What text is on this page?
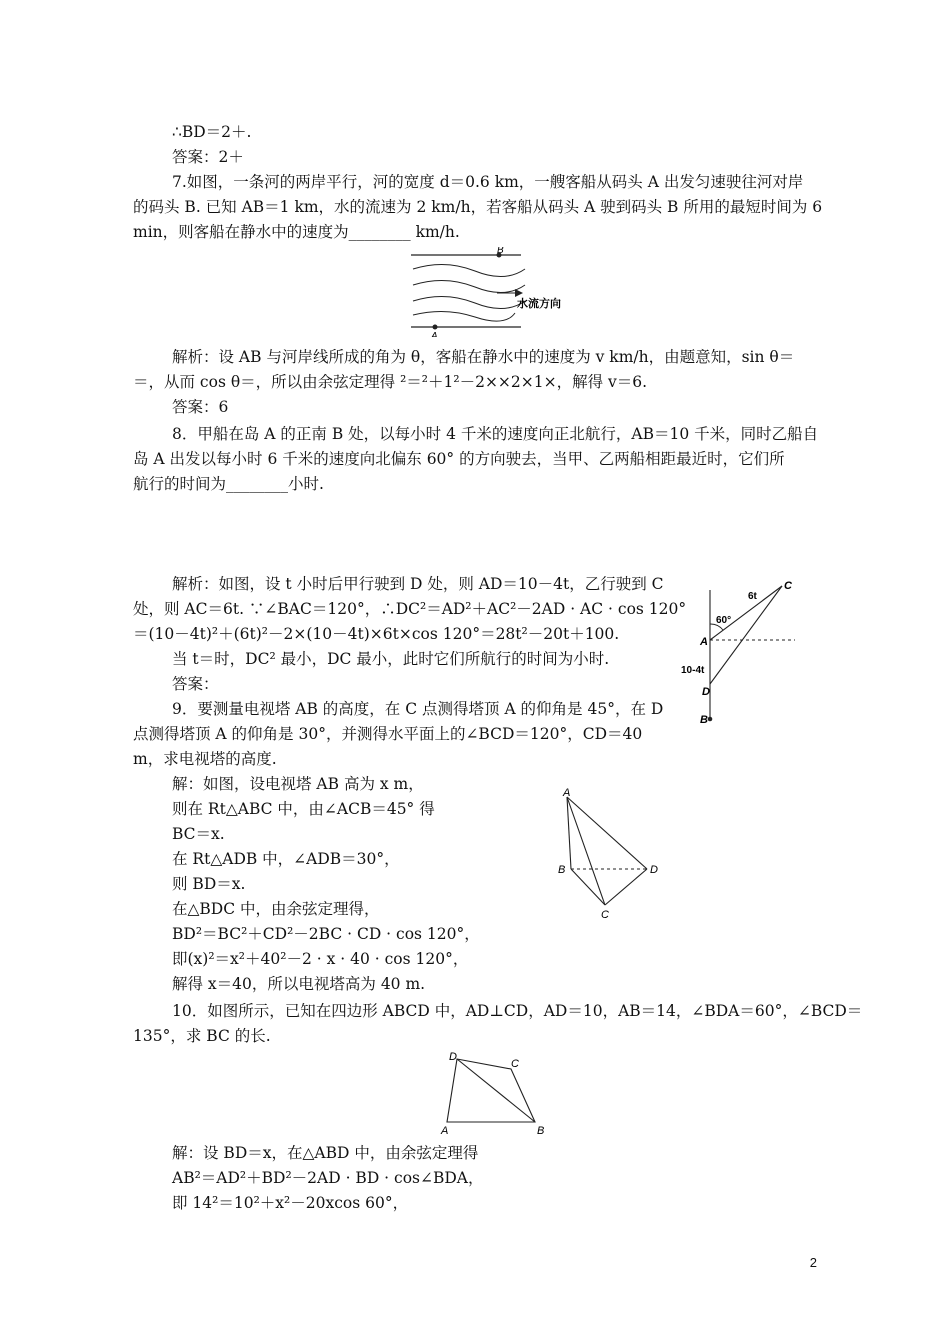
∴BD＝2＋.
答案：2＋
7.如图，一条河的两岸平行，河的宽度 d＝0.6 km，一艘客船从码头 A 出发匀速驶往河对岸
的码头 B. 已知 AB＝1 km，水的流速为 2 km/h，若客船从码头 A 驶到码头 B 所用的最短时间为 6
min，则客船在静水中的速度为________ km/h.
B
水流方向
A
解析：设 AB 与河岸线所成的角为 θ，客船在静水中的速度为 v km/h，由题意知，sin θ＝
＝，从而 cos θ＝，所以由余弦定理得 ²＝²＋1²－2××2×1×，解得 v＝6.
答案：6
8．甲船在岛 A 的正南 B 处，以每小时 4 千米的速度向正北航行，AB＝10 千米，同时乙船自
岛 A 出发以每小时 6 千米的速度向北偏东 60° 的方向驶去，当甲、乙两船相距最近时，它们所
航行的时间为________小时.
解析：如图，设 t 小时后甲行驶到 D 处，则 AD＝10－4t，乙行驶到 C
处，则 AC＝6t. ∵∠BAC＝120°，∴DC²＝AD²＋AC²－2AD · AC · cos 120°
＝(10－4t)²＋(6t)²－2×(10－4t)×6t×cos 120°＝28t²－20t＋100.
当 t＝时，DC² 最小，DC 最小，此时它们所航行的时间为小时.
答案：
C
6t
60°
A
10-4t
D
B
9．要测量电视塔 AB 的高度，在 C 点测得塔顶 A 的仰角是 45°，在 D
点测得塔顶 A 的仰角是 30°，并测得水平面上的∠BCD＝120°，CD＝40
m，求电视塔的高度.
解：如图，设电视塔 AB 高为 x m，
则在 Rt△ABC 中，由∠ACB＝45° 得
BC＝x.
在 Rt△ADB 中，∠ADB＝30°，
则 BD＝x.
在△BDC 中，由余弦定理得，
BD²＝BC²＋CD²－2BC · CD · cos 120°，
即(x)²＝x²＋40²－2 · x · 40 · cos 120°，
解得 x＝40，所以电视塔高为 40 m.
A
B
C
D
10．如图所示，已知在四边形 ABCD 中，AD⊥CD，AD＝10，AB＝14，∠BDA＝60°，∠BCD＝
135°，求 BC 的长.
D
C
A	B
解：设 BD＝x，在△ABD 中，由余弦定理得
AB²＝AD²＋BD²－2AD · BD · cos∠BDA，
即 14²＝10²＋x²－20xcos 60°，
2
